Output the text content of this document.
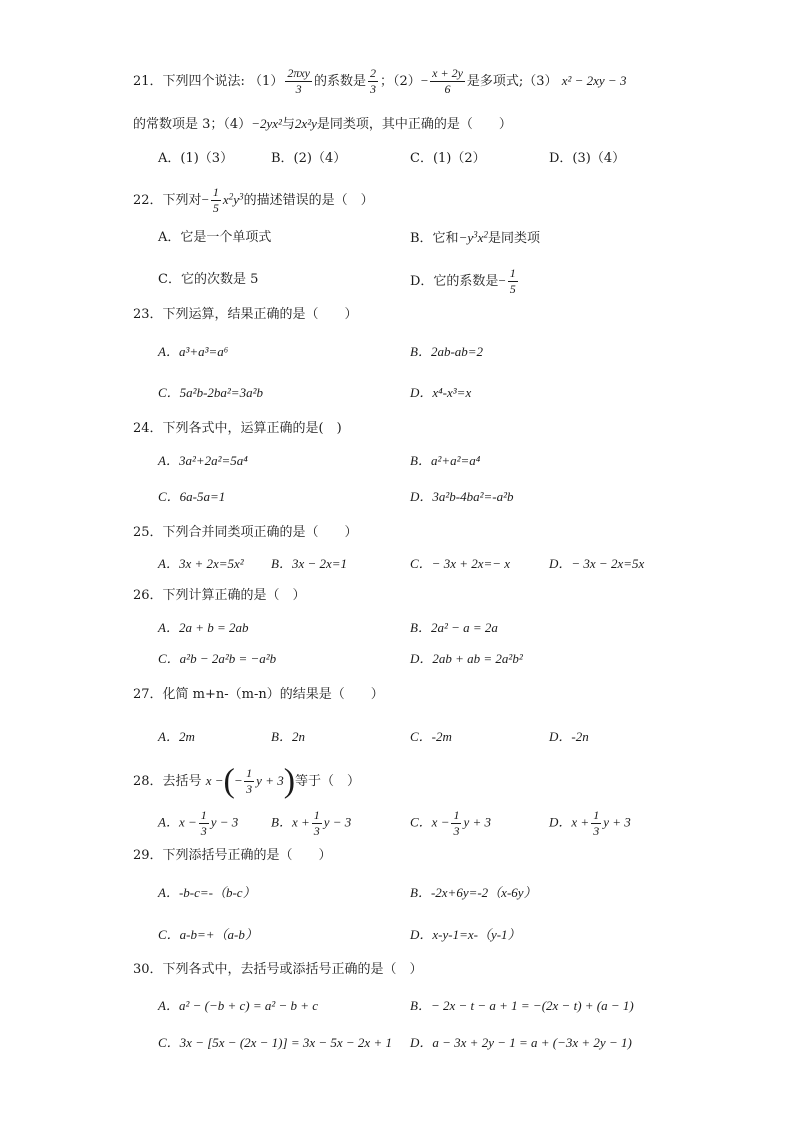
21．下列四个说法: $(1) \frac{\text{2πxy}}{3}$ 的系数是 $\frac{2}{3}$ ；$(2)- \frac{x + 2y}{6}$ 是多项式;（3） x² − 2xy − 3
的常数项是 3；（4）−2yx²与2x²y是同类项，其中正确的是（　　）
A．(1)（3）	B．(2)（4）	C．(1)（2）	D．(3)（4）
22．下列对− $\frac{1}{5} x^2y^3$的描述错误的是（　）
A．它是一个单项式	B．它和$-y^3x^2$是同类项
C．它的次数是 5	D．它的系数是− $\frac{1}{5}$
23．下列运算，结果正确的是（　　）
A．a³+a³=a⁶	B．2ab-ab=2
C．5a²b-2ba²=3a²b	D．x⁴-x³=x
24．下列各式中，运算正确的是(　)
A．3a²+2a²=5a⁴	B．a²+a²=a⁴
C．6a-5a=1	D．3a²b-4ba²=-a²b
25．下列合并同类项正确的是（　　）
A．3x + 2x=5x² B．3x − 2x=1	C．− 3x + 2x=− x	D．− 3x − 2x=5x
26．下列计算正确的是（　）
A．2a + b = 2ab	B．2a² − a = 2a
C．a²b − 2a²b = −a²b	D．2ab + ab = 2a²b²
27．化简 m+n-（m-n）的结果是（　　）
A．2m	B．2n	C．-2m	D．-2n
28．去括号 x −(− $\frac{1}{3}$ y + 3)等于（　）
A．$x - \frac{1}{3}$ y − 3	B．$x + \frac{1}{3}$ y − 3	C．$x - \frac{1}{3}$ y + 3	D．$x + \frac{1}{3}$ y + 3
29．下列添括号正确的是（　　）
A．-b-c=-（b-c）	B．-2x+6y=-2（x-6y）
C．a-b=+（a-b）	D．x-y-1=x-（y-1）
30．下列各式中，去括号或添括号正确的是（　）
A．a² − (−b + c) = a² − b + c	B．− 2x − t − a + 1 = −(2x − t) + (a − 1)
C．3x − [5x − (2x − 1)] = 3x − 5x − 2x + 1 D．a − 3x + 2y − 1 = a + (−3x + 2y − 1)
